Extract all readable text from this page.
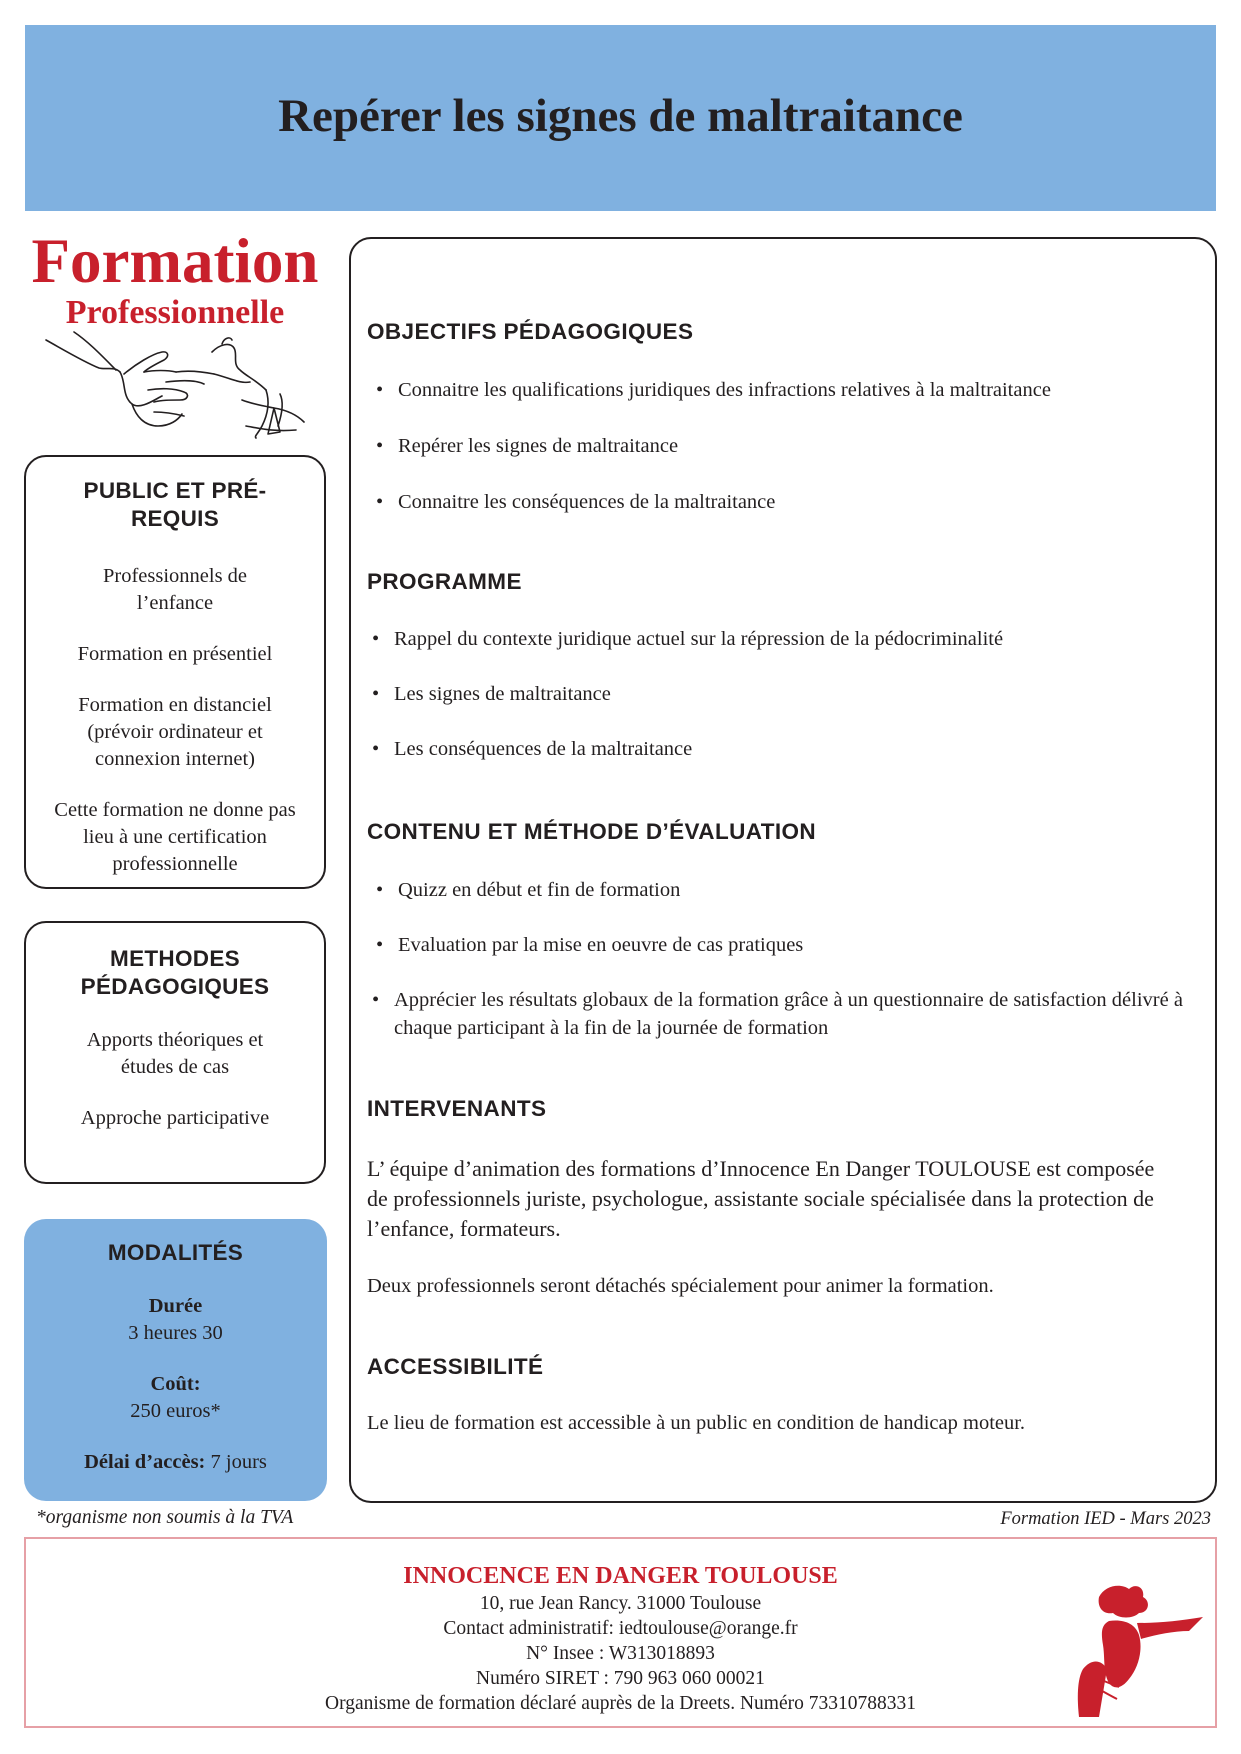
Repérer les signes de maltraitance
Formation
Professionnelle
PUBLIC ET PRÉ-REQUIS

Professionnels de l’enfance

Formation en présentiel

Formation en distanciel (prévoir ordinateur et connexion internet)

Cette formation ne donne pas lieu à une certification professionnelle

METHODES PÉDAGOGIQUES

Apports théoriques et études de cas

Approche participative

MODALITÉS

Durée
3 heures 30

Coût:
250 euros*

Délai d’accès: 7 jours

*organisme non soumis à la TVA	Formation IED - Mars 2023
OBJECTIFS PÉDAGOGIQUES
• Connaitre les qualifications juridiques des infractions relatives à la maltraitance
• Repérer les signes de maltraitance
• Connaitre les conséquences de la maltraitance
PROGRAMME
• Rappel du contexte juridique actuel sur la répression de la pédocriminalité
• Les signes de maltraitance
• Les conséquences de la maltraitance
CONTENU ET MÉTHODE D’ÉVALUATION
• Quizz en début et fin de formation
• Evaluation par la mise en oeuvre de cas pratiques
• Apprécier les résultats globaux de la formation grâce à un questionnaire de satisfaction délivré à chaque participant à la fin de la journée de formation
INTERVENANTS
L’ équipe d’animation des formations d’Innocence En Danger TOULOUSE est composée de professionnels juriste, psychologue, assistante sociale spécialisée dans la protection de l’enfance, formateurs.
Deux professionnels seront détachés spécialement pour animer la formation.
ACCESSIBILITÉ
Le lieu de formation est accessible à un public en condition de handicap moteur.
INNOCENCE EN DANGER TOULOUSE
10, rue Jean Rancy. 31000 Toulouse
Contact administratif: iedtoulouse@orange.fr
N° Insee : W313018893
Numéro SIRET : 790 963 060 00021
Organisme de formation déclaré auprès de la Dreets. Numéro 73310788331
